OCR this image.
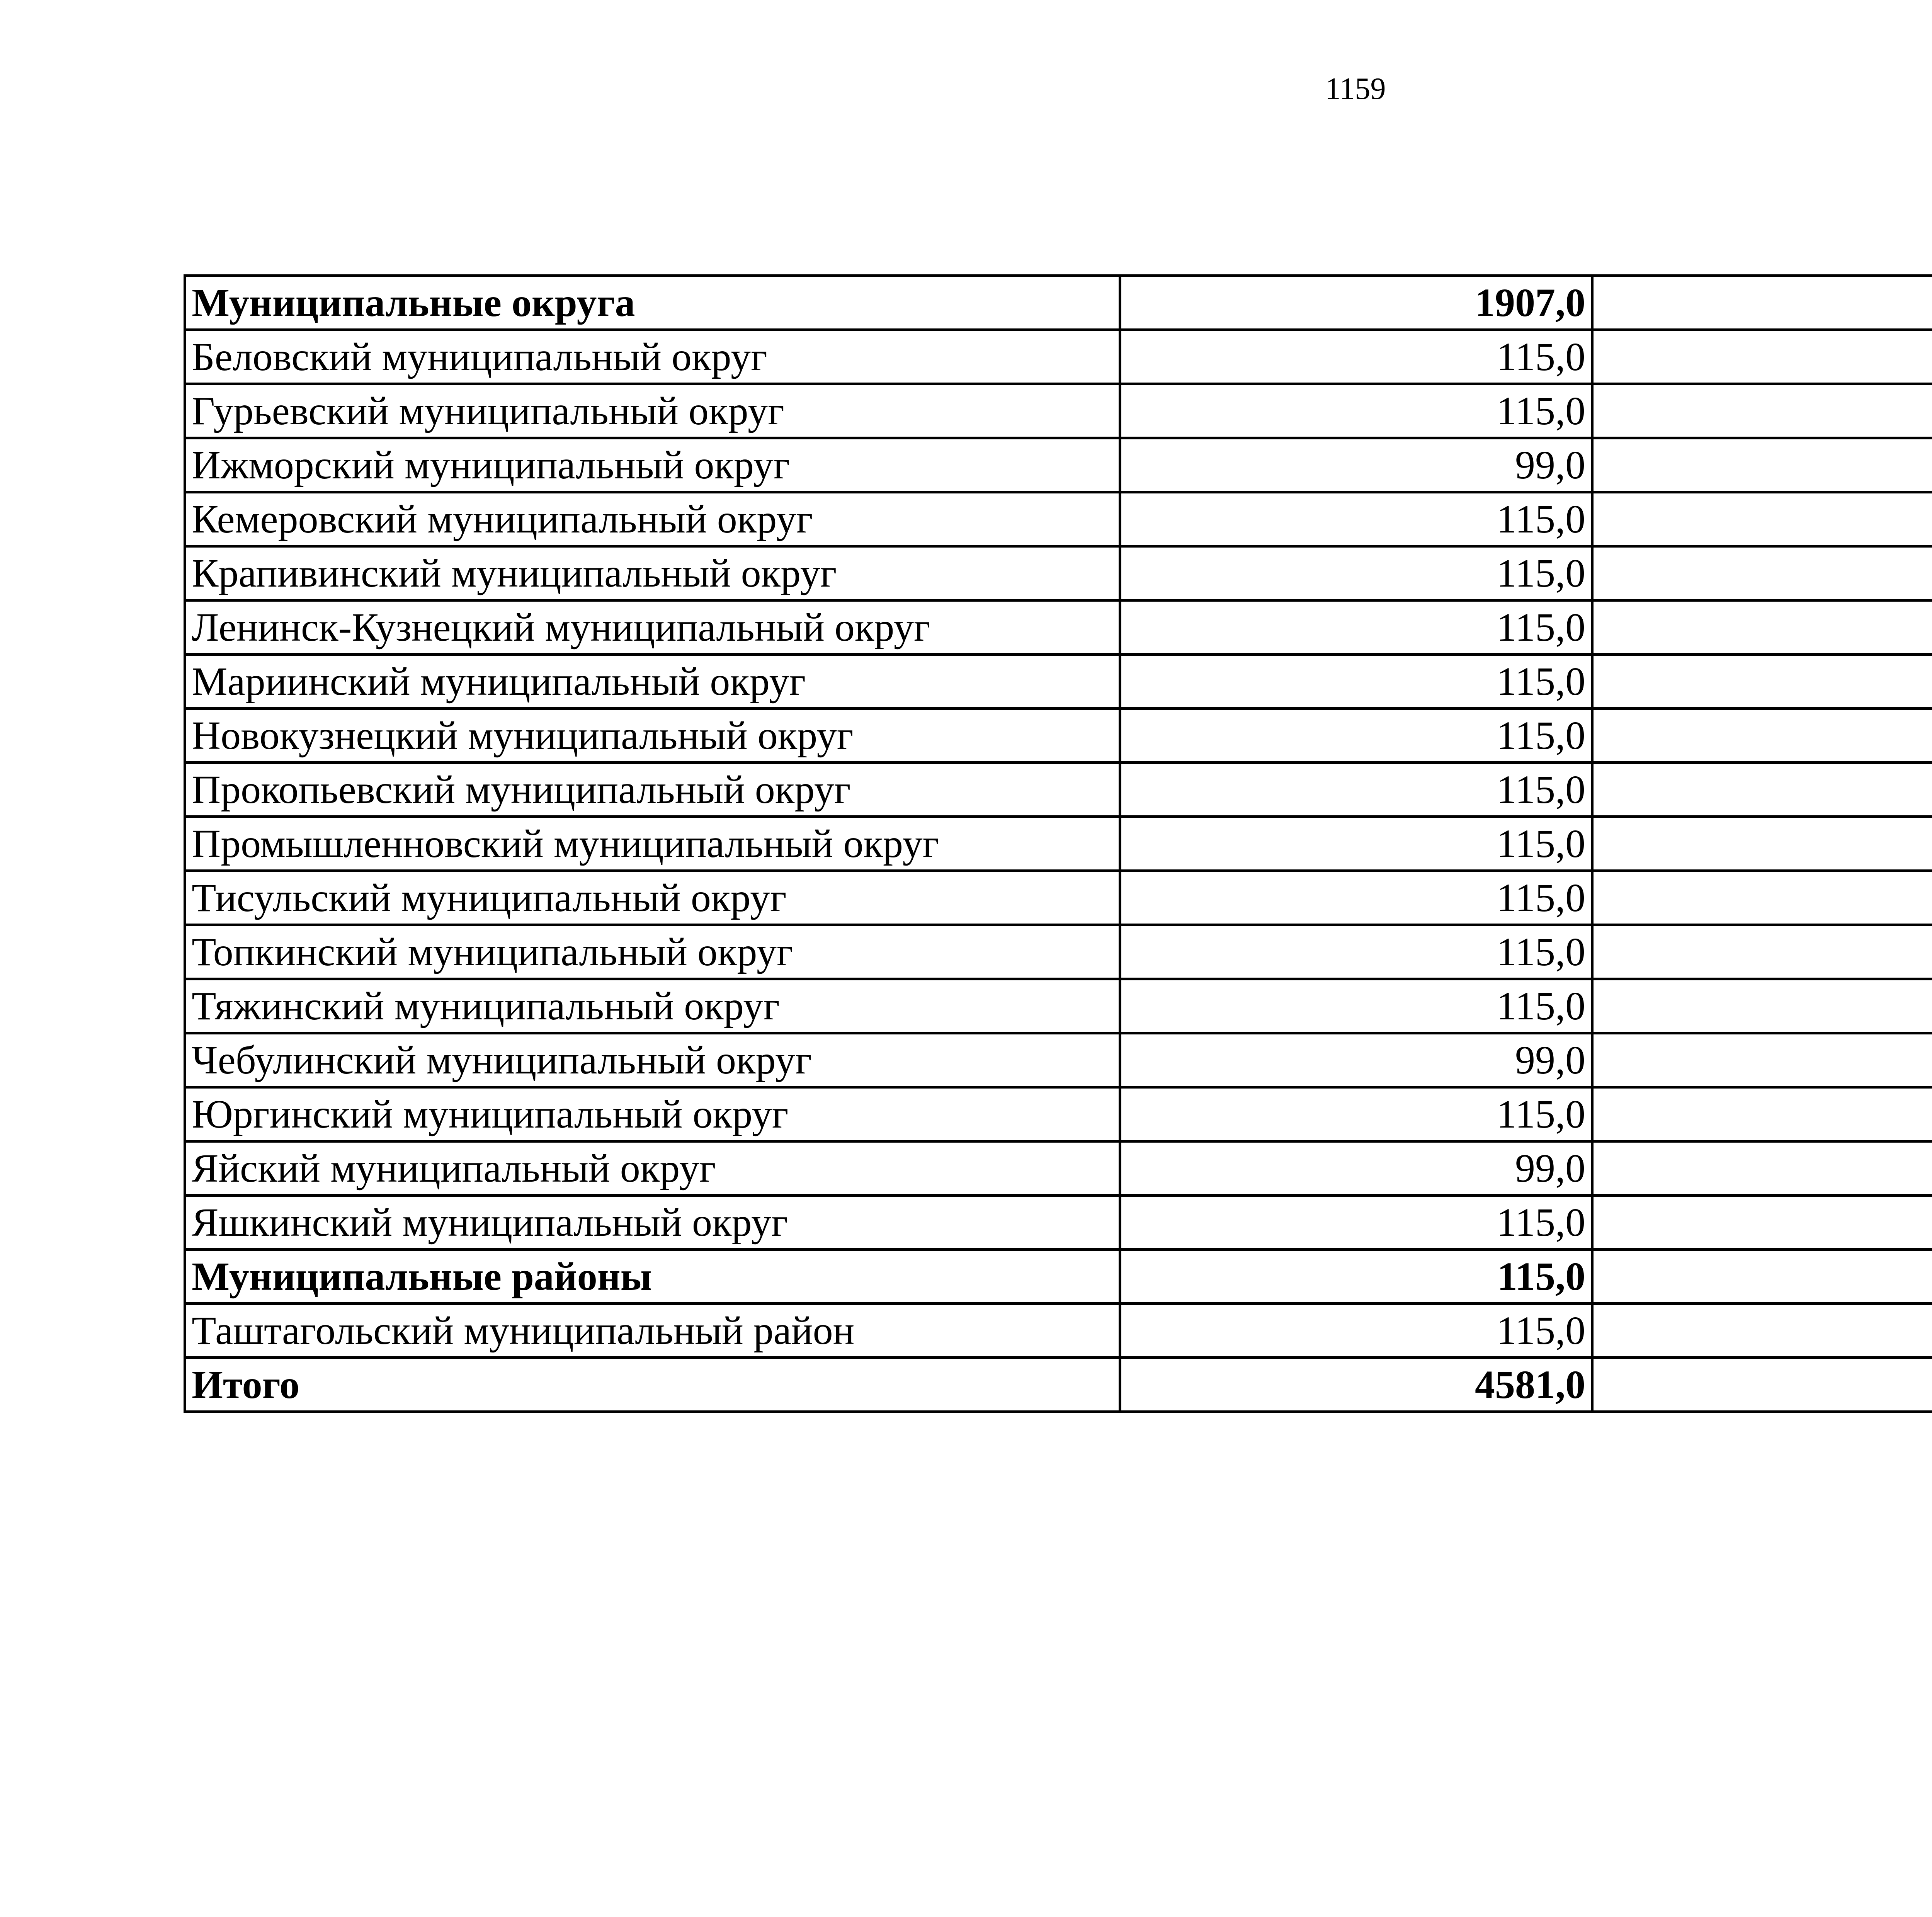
1159
Муниципальные округа	1907,0		
Беловский муниципальный округ	115,0		
Гурьевский муниципальный округ	115,0		
Ижморский муниципальный округ	99,0		
Кемеровский муниципальный округ	115,0		
Крапивинский муниципальный округ	115,0		
Ленинск-Кузнецкий муниципальный округ	115,0		
Мариинский муниципальный округ	115,0		
Новокузнецкий муниципальный округ	115,0		
Прокопьевский муниципальный округ	115,0		
Промышленновский муниципальный округ	115,0		
Тисульский муниципальный округ	115,0		
Топкинский муниципальный округ	115,0		
Тяжинский муниципальный округ	115,0		
Чебулинский муниципальный округ	99,0		
Юргинский муниципальный округ	115,0		
Яйский муниципальный округ	99,0		
Яшкинский муниципальный округ	115,0		
Муниципальные районы	115,0		
Таштагольский муниципальный район	115,0		
Итого	4581,0		
